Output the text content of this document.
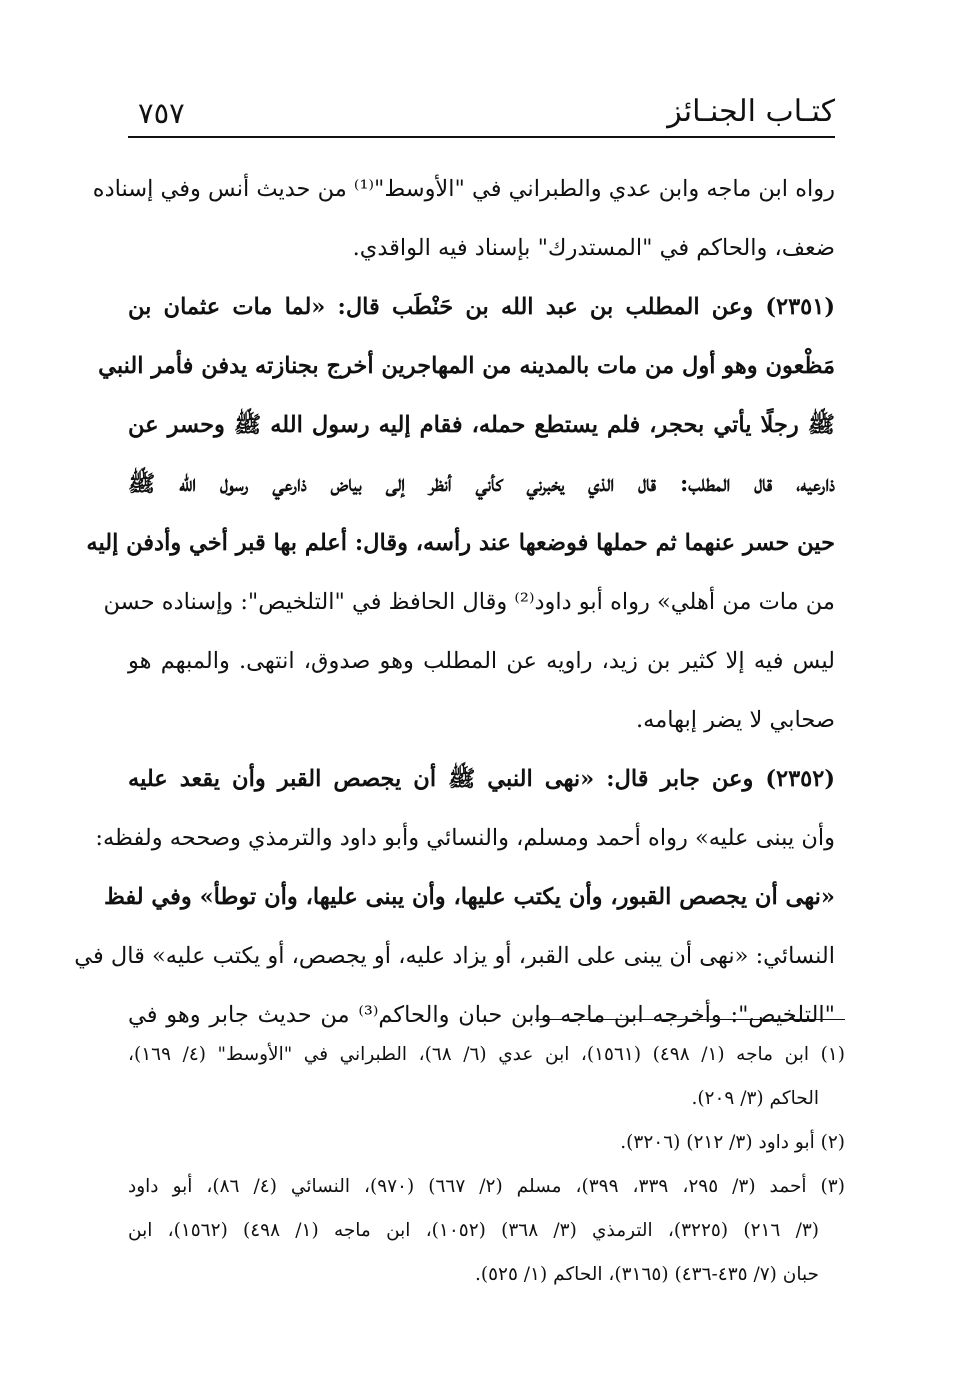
كتـاب الجنـائز
٧٥٧
رواه ابن ماجه وابن عدي والطبراني في "الأوسط"⁽¹⁾ من حديث أنس وفي إسناده
ضعف، والحاكم في "المستدرك" بإسناد فيه الواقدي.
(٢٣٥١) وعن المطلب بن عبد الله بن حَنْطَب قال: «لما مات عثمان بن
مَظْعون وهو أول من مات بالمدينه من المهاجرين أخرج بجنازته يدفن فأمر النبي
ﷺ رجلًا يأتي بحجر، فلم يستطع حمله، فقام إليه رسول الله ﷺ وحسر عن
ذارعيه، قال المطلب: قال الذي يخبرني كأني أنظر إلى بياض ذارعي رسول الله ﷺ
حين حسر عنهما ثم حملها فوضعها عند رأسه، وقال: أعلم بها قبر أخي وأدفن إليه
من مات من أهلي» رواه أبو داود⁽²⁾ وقال الحافظ في "التلخيص": وإسناده حسن
ليس فيه إلا كثير بن زيد، راويه عن المطلب وهو صدوق، انتهى. والمبهم هو
صحابي لا يضر إبهامه.
(٢٣٥٢) وعن جابر قال: «نهى النبي ﷺ أن يجصص القبر وأن يقعد عليه
وأن يبنى عليه» رواه أحمد ومسلم، والنسائي وأبو داود والترمذي وصححه ولفظه:
«نهى أن يجصص القبور، وأن يكتب عليها، وأن يبنى عليها، وأن توطأ» وفي لفظ
النسائي: «نهى أن يبنى على القبر، أو يزاد عليه، أو يجصص، أو يكتب عليه» قال في
"التلخيص": وأخرجه ابن ماجه وابن حبان والحاكم⁽³⁾ من حديث جابر وهو في
(١) ابن ماجه (١/ ٤٩٨) (١٥٦١)، ابن عدي (٦/ ٦٨)، الطبراني في "الأوسط" (٤/ ١٦٩)،
الحاكم (٣/ ٢٠٩).
(٢) أبو داود (٣/ ٢١٢) (٣٢٠٦).
(٣) أحمد (٣/ ٢٩٥، ٣٣٩، ٣٩٩)، مسلم (٢/ ٦٦٧) (٩٧٠)، النسائي (٤/ ٨٦)، أبو داود
(٣/ ٢١٦) (٣٢٢٥)، الترمذي (٣/ ٣٦٨) (١٠٥٢)، ابن ماجه (١/ ٤٩٨) (١٥٦٢)، ابن
حبان (٧/ ٤٣٥-٤٣٦) (٣١٦٥)، الحاكم (١/ ٥٢٥).
